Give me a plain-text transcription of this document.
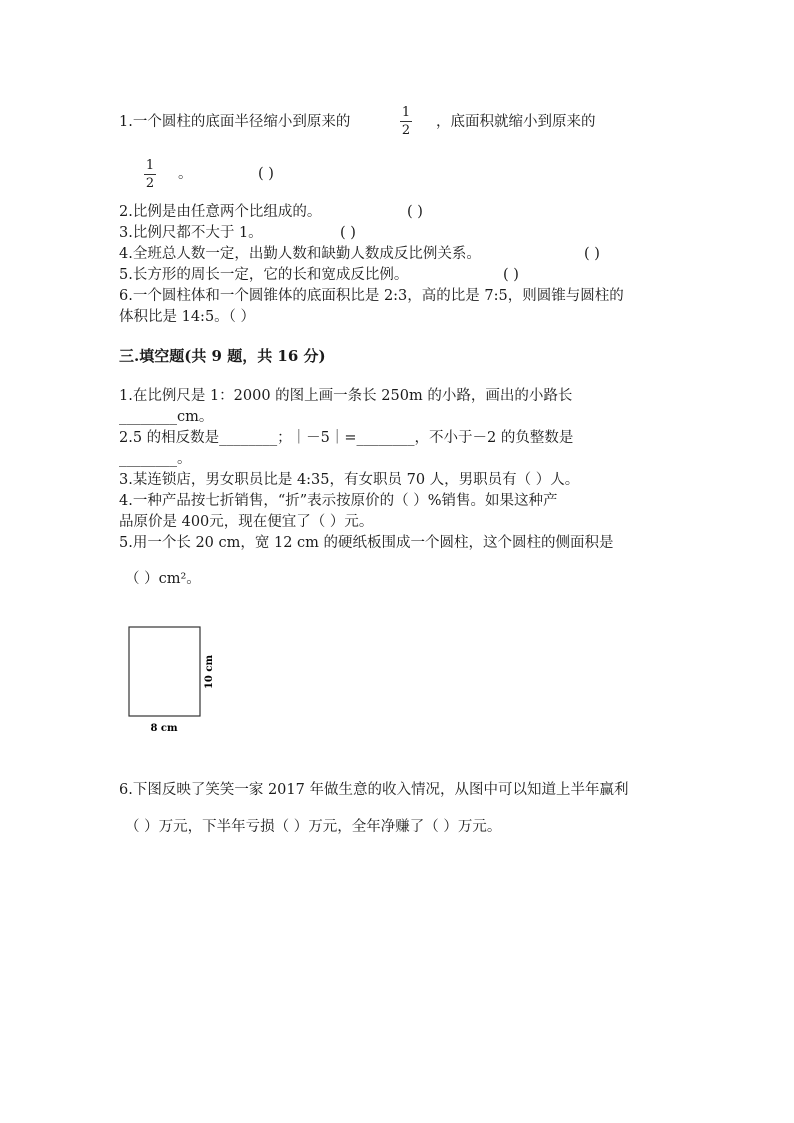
1.一个圆柱的底面半径缩小到原来的
1
2
，底面积就缩小到原来的
1
2
。	( )
2.比例是由任意两个比组成的。	( )
3.比例尺都不大于 1。	( )
4.全班总人数一定，出勤人数和缺勤人数成反比例关系。	( )
5.长方形的周长一定，它的长和宽成反比例。	( )
6.一个圆柱体和一个圆锥体的底面积比是 2:3，高的比是 7:5，则圆锥与圆柱的
体积比是 14:5。（ ）
三.填空题(共 9 题，共 16 分)
1.在比例尺是 1：2000 的图上画一条长 250m 的小路，画出的小路长
________cm。
2.5 的相反数是________；｜－5｜=________，不小于－2 的负整数是
________。
3.某连锁店，男女职员比是 4:35，有女职员 70 人，男职员有（ ）人。
4.一种产品按七折销售，“折”表示按原价的（ ）%销售。如果这种产
品原价是 400元，现在便宜了（ ）元。
5.用一个长 20 cm，宽 12 cm 的硬纸板围成一个圆柱，这个圆柱的侧面积是
（ ）cm²。
8 cm
10 cm
6.下图反映了笑笑一家 2017 年做生意的收入情况，从图中可以知道上半年赢利
（ ）万元，下半年亏损（ ）万元，全年净赚了（ ）万元。
